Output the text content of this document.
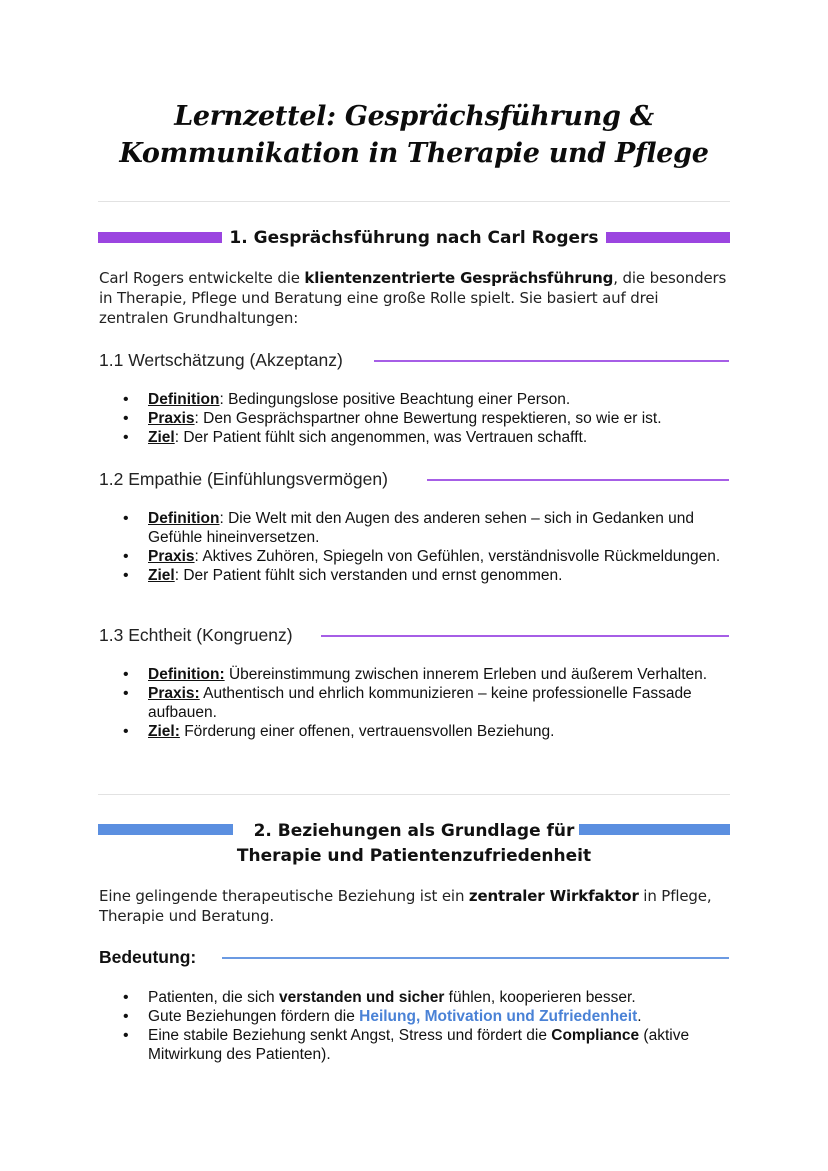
Lernzettel: Gesprächsführung &
Kommunikation in Therapie und Pflege
1. Gesprächsführung nach Carl Rogers
Carl Rogers entwickelte die klientenzentrierte Gesprächsführung, die besonders in Therapie, Pflege und Beratung eine große Rolle spielt. Sie basiert auf drei zentralen Grundhaltungen:
1.1 Wertschätzung (Akzeptanz)
• Definition: Bedingungslose positive Beachtung einer Person.
• Praxis: Den Gesprächspartner ohne Bewertung respektieren, so wie er ist.
• Ziel: Der Patient fühlt sich angenommen, was Vertrauen schafft.
1.2 Empathie (Einfühlungsvermögen)
• Definition: Die Welt mit den Augen des anderen sehen – sich in Gedanken und Gefühle hineinversetzen.
• Praxis: Aktives Zuhören, Spiegeln von Gefühlen, verständnisvolle Rückmeldungen.
• Ziel: Der Patient fühlt sich verstanden und ernst genommen.
1.3 Echtheit (Kongruenz)
• Definition: Übereinstimmung zwischen innerem Erleben und äußerem Verhalten.
• Praxis: Authentisch und ehrlich kommunizieren – keine professionelle Fassade aufbauen.
• Ziel: Förderung einer offenen, vertrauensvollen Beziehung.
2. Beziehungen als Grundlage für
Therapie und Patientenzufriedenheit
Eine gelingende therapeutische Beziehung ist ein zentraler Wirkfaktor in Pflege, Therapie und Beratung.
Bedeutung:
• Patienten, die sich verstanden und sicher fühlen, kooperieren besser.
• Gute Beziehungen fördern die Heilung, Motivation und Zufriedenheit.
• Eine stabile Beziehung senkt Angst, Stress und fördert die Compliance (aktive Mitwirkung des Patienten).
